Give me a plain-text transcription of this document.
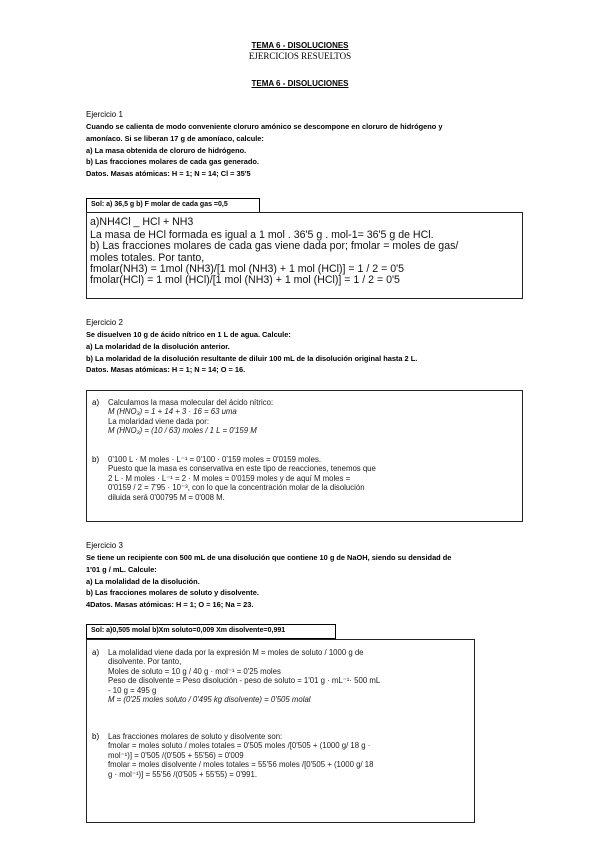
TEMA 6 - DISOLUCIONES
EJERCICIOS RESUELTOS
TEMA 6 - DISOLUCIONES
Ejercicio 1
Cuando se calienta de modo conveniente cloruro amónico se descompone en cloruro de hidrógeno y
amoníaco. Si se liberan 17 g de amoníaco, calcule:
a) La masa obtenida de cloruro de hidrógeno.
b) Las fracciones molares de cada gas generado.
Datos. Masas atómicas: H = 1; N = 14; Cl = 35'5
Sol: a) 36,5 g b) F molar de cada gas =0,5
a)NH4Cl _ HCl + NH3
La masa de HCl formada es igual a 1 mol . 36'5 g . mol-1= 36'5 g de HCl.
b) Las fracciones molares de cada gas viene dada por; fmolar = moles de gas/
moles totales. Por tanto,
fmolar(NH3) = 1mol (NH3)/[1 mol (NH3) + 1 mol (HCl)] = 1 / 2 = 0'5
fmolar(HCl) = 1 mol (HCl)/[1 mol (NH3) + 1 mol (HCl)] = 1 / 2 = 0'5
Ejercicio 2
Se disuelven 10 g de ácido nítrico en 1 L de agua. Calcule:
a) La molaridad de la disolución anterior.
b) La molaridad de la disolución resultante de diluir 100 mL de la disolución original hasta 2 L.
Datos. Masas atómicas: H = 1; N = 14; O = 16.
a) Calculamos la masa molecular del ácido nítrico:
M (HNO₃) = 1 + 14 + 3 · 16 = 63 uma
La molaridad viene dada por:
M (HNO₃) = (10 / 63) moles / 1 L = 0'159 M
b) 0'100 L · M moles · L⁻¹ = 0'100 · 0'159 moles = 0'0159 moles.
Puesto que la masa es conservativa en este tipo de reacciones, tenemos que
2 L · M moles · L⁻¹ = 2 · M moles = 0'0159 moles y de aquí M moles =
0'0159 / 2 = 7'95 · 10⁻³, con lo que la concentración molar de la disolución
diluida será 0'00795 M = 0'008 M.
Ejercicio 3
Se tiene un recipiente con 500 mL de una disolución que contiene 10 g de NaOH, siendo su densidad de
1'01 g / mL. Calcule:
a) La molalidad de la disolución.
b) Las fracciones molares de soluto y disolvente.
4Datos. Masas atómicas: H = 1; O = 16; Na = 23.
Sol: a)0,505 molal b)Xm soluto=0,009 Xm disolvente=0,991
a) La molalidad viene dada por la expresión M = moles de soluto / 1000 g de
disolvente. Por tanto,
Moles de soluto = 10 g / 40 g · mol⁻¹ = 0'25 moles
Peso de disolvente = Peso disolución - peso de soluto = 1'01 g · mL⁻¹· 500 mL
- 10 g = 495 g
M = (0'25 moles soluto / 0'495 kg disolvente) = 0'505 molal
b) Las fracciones molares de soluto y disolvente son:
fmolar = moles soluto / moles totales = 0'505 moles /[0'505 + (1000 g/ 18 g ·
mol⁻¹)] = 0'505 /(0'505 + 55'56) = 0'009
fmolar = moles disolvente / moles totales = 55'56 moles /[0'505 + (1000 g/ 18
g · mol⁻¹)] = 55'56 /(0'505 + 55'55) = 0'991.
